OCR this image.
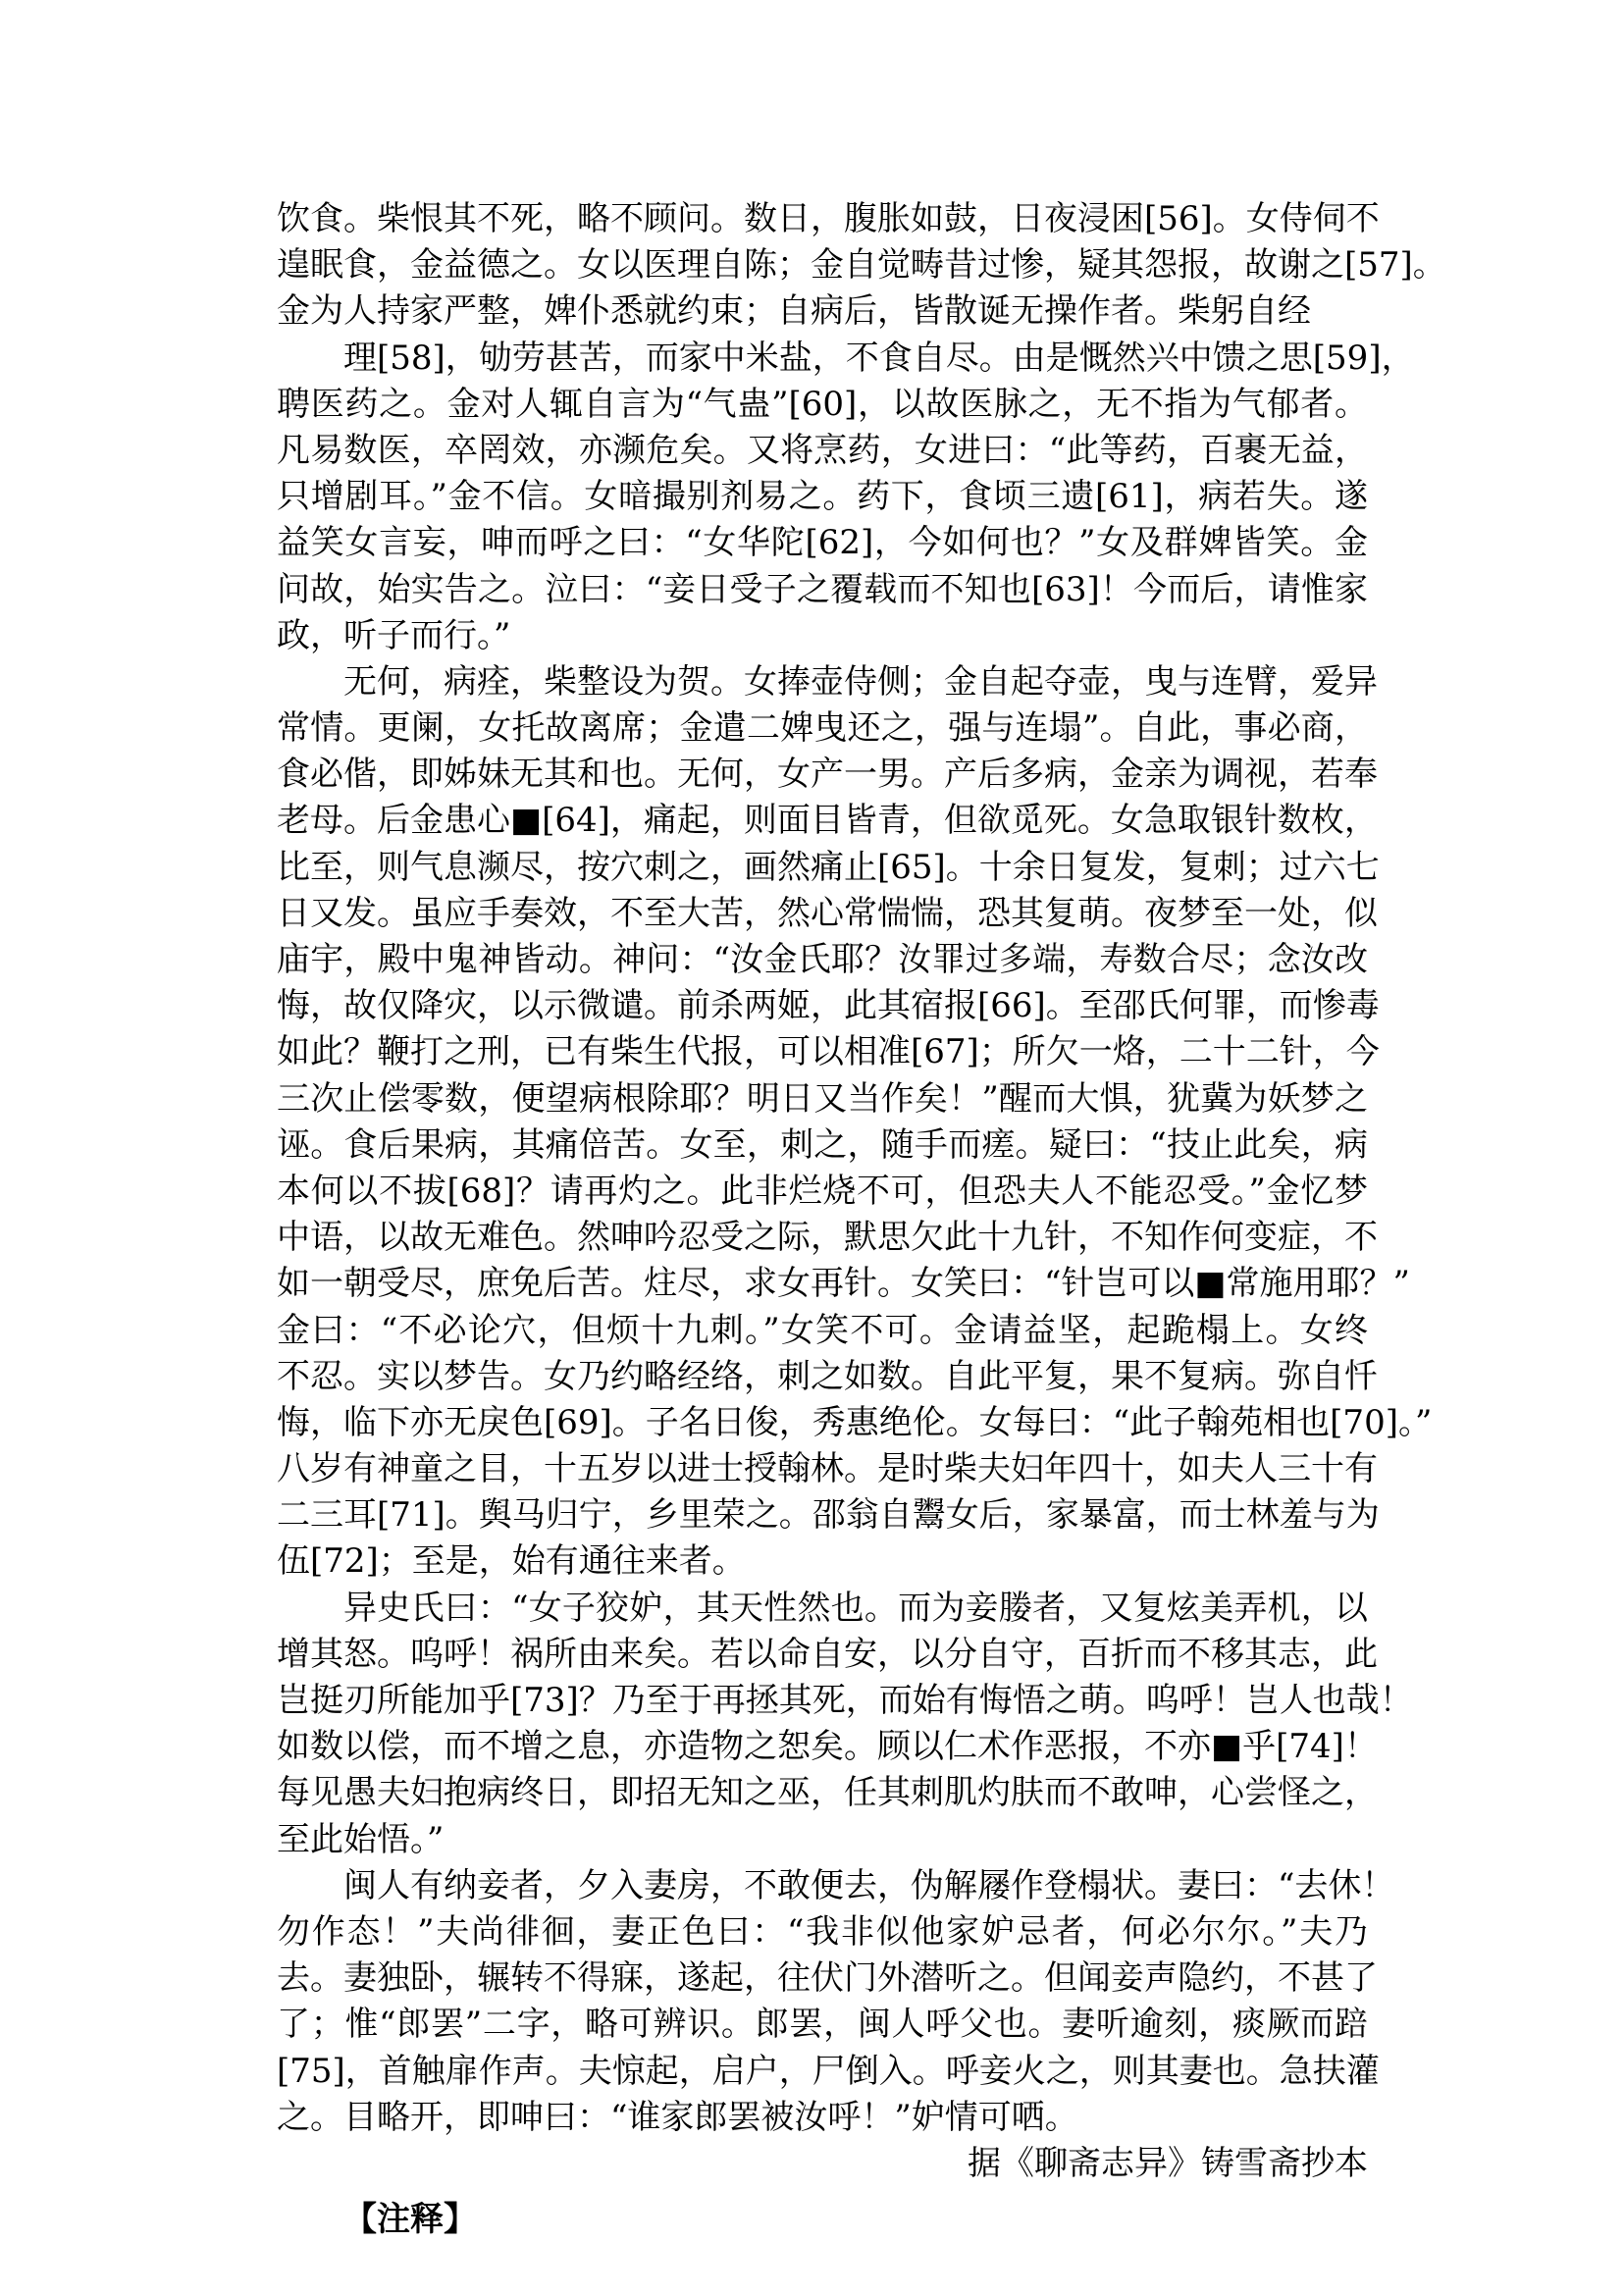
饮食。柴恨其不死，略不顾问。数日，腹胀如鼓，日夜浸困[56]。女侍伺不
遑眠食，金益德之。女以医理自陈；金自觉畴昔过惨，疑其怨报，故谢之[57]。
金为人持家严整，婢仆悉就约束；自病后，皆散诞无操作者。柴躬自经
理[58]，劬劳甚苦，而家中米盐，不食自尽。由是慨然兴中馈之思[59]，
聘医药之。金对人辄自言为“气蛊”[60]，以故医脉之，无不指为气郁者。
凡易数医，卒罔效，亦濒危矣。又将烹药，女进曰：“此等药，百裹无益，
只增剧耳。”金不信。女暗撮别剂易之。药下，食顷三遗[61]，病若失。遂
益笑女言妄，呻而呼之曰：“女华陀[62]，今如何也？”女及群婢皆笑。金
问故，始实告之。泣曰：“妾日受子之覆载而不知也[63]！今而后，请惟家
政，听子而行。”
无何，病痊，柴整设为贺。女捧壶侍侧；金自起夺壶，曳与连臂，爱异
常情。更阑，女托故离席；金遣二婢曳还之，强与连塌”。自此，事必商，
食必偕，即姊妹无其和也。无何，女产一男。产后多病，金亲为调视，若奉
老母。后金患心■[64]，痛起，则面目皆青，但欲觅死。女急取银针数枚，
比至，则气息濒尽，按穴刺之，画然痛止[65]。十余日复发，复刺；过六七
日又发。虽应手奏效，不至大苦，然心常惴惴，恐其复萌。夜梦至一处，似
庙宇，殿中鬼神皆动。神问：“汝金氏耶？汝罪过多端，寿数合尽；念汝改
悔，故仅降灾，以示微谴。前杀两姬，此其宿报[66]。至邵氏何罪，而惨毒
如此？鞭打之刑，已有柴生代报，可以相准[67]；所欠一烙，二十二针，今
三次止偿零数，便望病根除耶？明日又当作矣！”醒而大惧，犹冀为妖梦之
诬。食后果病，其痛倍苦。女至，刺之，随手而瘥。疑曰：“技止此矣，病
本何以不拔[68]？请再灼之。此非烂烧不可，但恐夫人不能忍受。”金忆梦
中语，以故无难色。然呻吟忍受之际，默思欠此十九针，不知作何变症，不
如一朝受尽，庶免后苦。炷尽，求女再针。女笑曰：“针岂可以■常施用耶？”
金曰：“不必论穴，但烦十九刺。”女笑不可。金请益坚，起跪榻上。女终
不忍。实以梦告。女乃约略经络，刺之如数。自此平复，果不复病。弥自忏
悔，临下亦无戾色[69]。子名日俊，秀惠绝伦。女每曰：“此子翰苑相也[70]。”
八岁有神童之目，十五岁以进士授翰林。是时柴夫妇年四十，如夫人三十有
二三耳[71]。舆马归宁，乡里荣之。邵翁自鬻女后，家暴富，而士林羞与为
伍[72]；至是，始有通往来者。
异史氏曰：“女子狡妒，其天性然也。而为妾媵者，又复炫美弄机，以
增其怒。呜呼！祸所由来矣。若以命自安，以分自守，百折而不移其志，此
岂挺刃所能加乎[73]？乃至于再拯其死，而始有悔悟之萌。呜呼！岂人也哉！
如数以偿，而不增之息，亦造物之恕矣。顾以仁术作恶报，不亦■乎[74]！
每见愚夫妇抱病终日，即招无知之巫，任其刺肌灼肤而不敢呻，心尝怪之，
至此始悟。”
闽人有纳妾者，夕入妻房，不敢便去，伪解屦作登榻状。妻曰：“去休！
勿作态！”夫尚徘徊，妻正色曰：“我非似他家妒忌者，何必尔尔。”夫乃
去。妻独卧，辗转不得寐，遂起，往伏门外潜听之。但闻妾声隐约，不甚了
了；惟“郎罢”二字，略可辨识。郎罢，闽人呼父也。妻听逾刻，痰厥而踣
[75]，首触扉作声。夫惊起，启户，尸倒入。呼妾火之，则其妻也。急扶灌
之。目略开，即呻曰：“谁家郎罢被汝呼！”妒情可哂。
据《聊斋志异》铸雪斋抄本
【注释】
